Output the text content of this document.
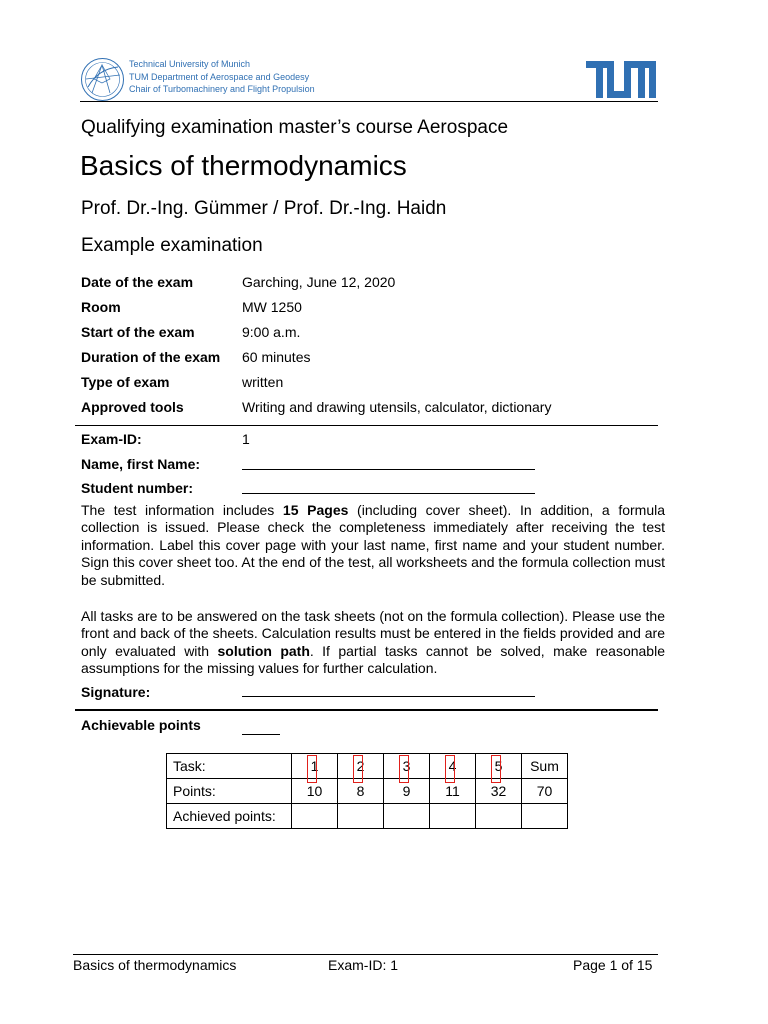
Technical University of Munich
TUM Department of Aerospace and Geodesy
Chair of Turbomachinery and Flight Propulsion
Qualifying examination master’s course Aerospace
Basics of thermodynamics
Prof. Dr.-Ing. Gümmer / Prof. Dr.-Ing. Haidn
Example examination
Date of the exam	Garching, June 12, 2020
Room	MW 1250
Start of the exam	9:00 a.m.
Duration of the exam 60 minutes
Type of exam	written
Approved tools	Writing and drawing utensils, calculator, dictionary
Exam-ID:	1
Name, first Name:
Student number:
The test information includes 15 Pages (including cover sheet). In addition, a formula collection is issued. Please check the completeness immediately after receiving the test information. Label this cover page with your last name, first name and your student number. Sign this cover sheet too. At the end of the test, all worksheets and the formula collection must be submitted.
All tasks are to be answered on the task sheets (not on the formula collection). Please use the front and back of the sheets. Calculation results must be entered in the fields provided and are only evaluated with solution path. If partial tasks cannot be solved, make reasonable assumptions for the missing values for further calculation.
Signature:
Achievable points
Task:	1	2	3	4	5	Sum
Points:	10	8	9	11	32	70
Achieved points:						
Basics of thermodynamics	Exam-ID: 1	Page 1 of 15
